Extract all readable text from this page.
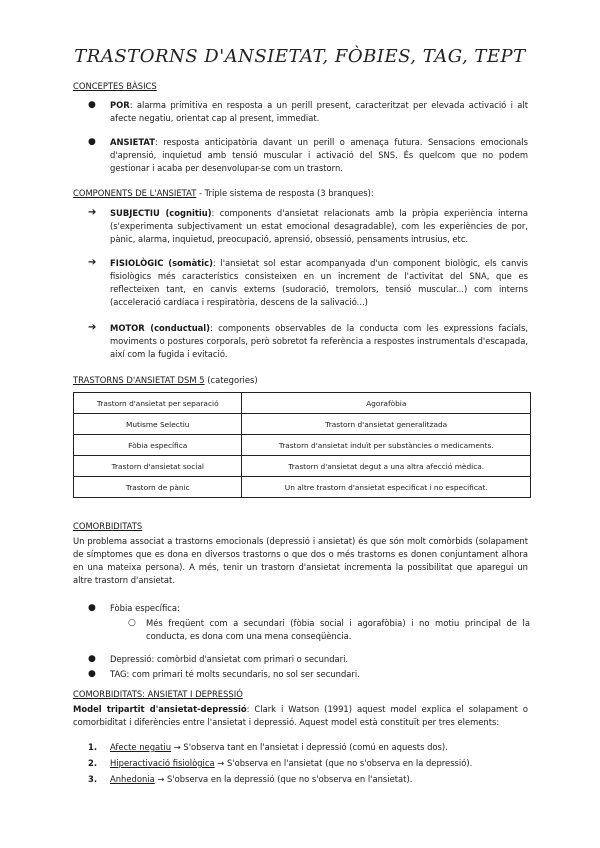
TRASTORNS D'ANSIETAT, FÒBIES, TAG, TEPT
CONCEPTES BÀSICS
● POR: alarma primitiva en resposta a un perill present, caracteritzat per elevada activació i alt afecte negatiu, orientat cap al present, immediat.
● ANSIETAT: resposta anticipatòria davant un perill o amenaça futura. Sensacions emocionals d'aprensió, inquietud amb tensió muscular i activació del SNS. És quelcom que no podem gestionar i acaba per desenvolupar-se com un trastorn.
COMPONENTS DE L'ANSIETAT - Triple sistema de resposta (3 branques):
➔ SUBJECTIU (cognitiu): components d'ansietat relacionats amb la pròpia experiència interna (s'experimenta subjectivament un estat emocional desagradable), com les experiències de por, pànic, alarma, inquietud, preocupació, aprensió, obsessió, pensaments intrusius, etc.
➔ FISIOLÒGIC (somàtic): l'ansietat sol estar acompanyada d'un component biològic, els canvis fisiològics més característics consisteixen en un increment de l'activitat del SNA, que es reflecteixen tant, en canvis externs (sudoració, tremolors, tensió muscular...) com interns (acceleració cardíaca i respiratòria, descens de la salivació...)
➔ MOTOR (conductual): components observables de la conducta com les expressions facials, moviments o postures corporals, però sobretot fa referència a respostes instrumentals d'escapada, així com la fugida i evitació.
TRASTORNS D'ANSIETAT DSM 5 (categories)
Trastorn d'ansietat per separació	Agorafòbia
Mutisme Selectiu	Trastorn d'ansietat generalitzada
Fòbia específica	Trastorn d'ansietat induït per substàncies o medicaments.
Trastorn d'ansietat social	Trastorn d'ansietat degut a una altra afecció mèdica.
Trastorn de pànic	Un altre trastorn d'ansietat especificat i no especificat.
COMORBIDITATS
Un problema associat a trastorns emocionals (depressió i ansietat) és que són molt comòrbids (solapament de símptomes que es dona en diversos trastorns o que dos o més trastorns es donen conjuntament alhora en una mateixa persona). A més, tenir un trastorn d'ansietat incrementa la possibilitat que aparegui un altre trastorn d'ansietat.
● Fòbia específica:
○ Més freqüent com a secundari (fòbia social i agorafòbia) i no motiu principal de la conducta, es dona com una mena conseqüència.
● Depressió: comòrbid d'ansietat com primari o secundari.
● TAG: com primari té molts secundaris, no sol ser secundari.
COMORBIDITATS: ANSIETAT I DEPRESSIÓ
Model tripartit d'ansietat-depressió: Clark i Watson (1991) aquest model explica el solapament o comorbiditat i diferències entre l'ansietat i depressió. Aquest model està constituït per tres elements:
1. Afecte negatiu → S'observa tant en l'ansietat i depressió (comú en aquests dos).
2. Hiperactivació fisiològica → S'observa en l'ansietat (que no s'observa en la depressió).
3. Anhedonia → S'observa en la depressió (que no s'observa en l'ansietat).
